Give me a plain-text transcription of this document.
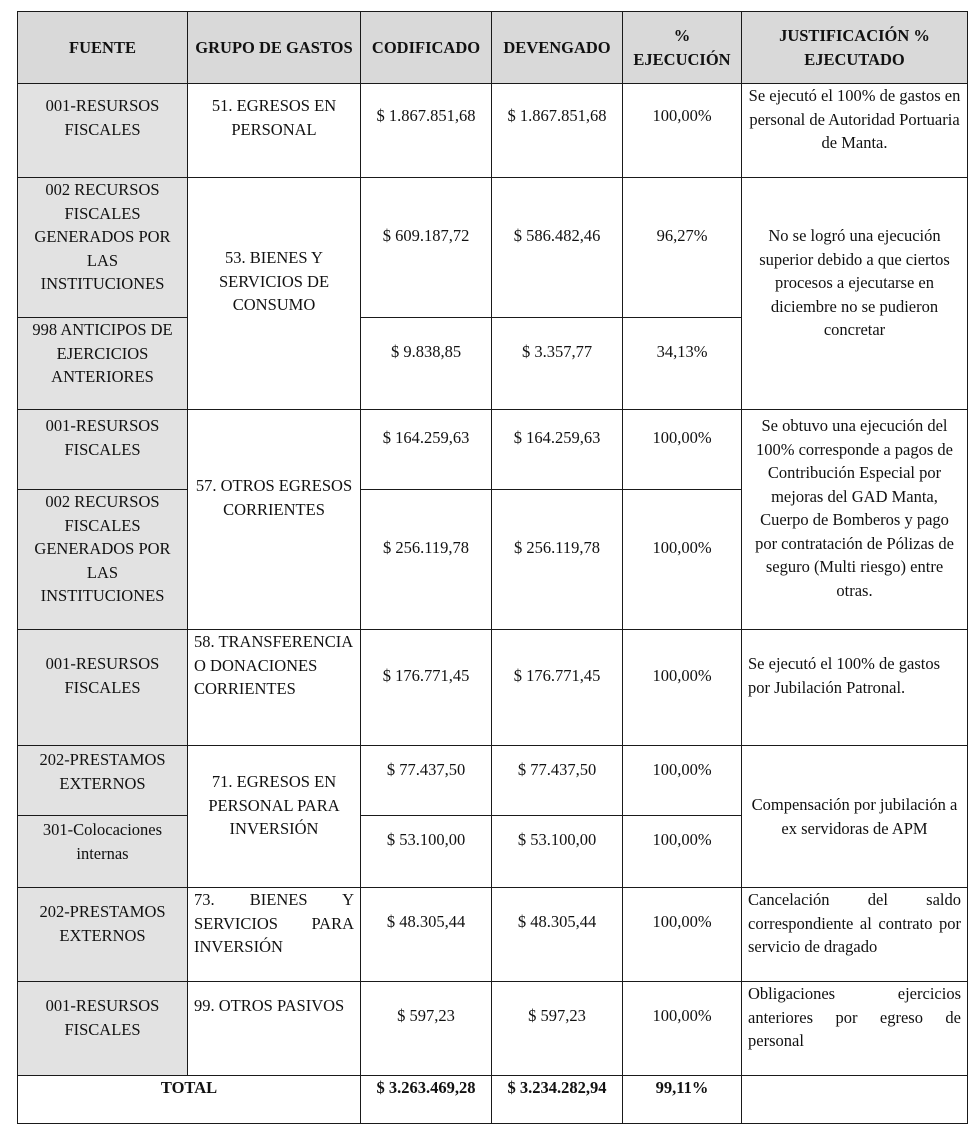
FUENTE	GRUPO DE GASTOS	CODIFICADO	DEVENGADO	% EJECUCIÓN	JUSTIFICACIÓN % EJECUTADO
001-RESURSOS FISCALES	51. EGRESOS EN PERSONAL	$ 1.867.851,68	$ 1.867.851,68	100,00%	Se ejecutó el 100% de gastos en personal de Autoridad Portuaria de Manta.
002 RECURSOS FISCALES GENERADOS POR LAS INSTITUCIONES	53. BIENES Y SERVICIOS DE CONSUMO	$ 609.187,72	$ 586.482,46	96,27%	No se logró una ejecución superior debido a que ciertos procesos a ejecutarse en diciembre no se pudieron concretar
998 ANTICIPOS DE EJERCICIOS ANTERIORES		$ 9.838,85	$ 3.357,77	34,13%	
001-RESURSOS FISCALES	57. OTROS EGRESOS CORRIENTES	$ 164.259,63	$ 164.259,63	100,00%	Se obtuvo una ejecución del 100% corresponde a pagos de Contribución Especial por mejoras del GAD Manta, Cuerpo de Bomberos y pago por contratación de Pólizas de seguro (Multi riesgo) entre otras.
002 RECURSOS FISCALES GENERADOS POR LAS INSTITUCIONES		$ 256.119,78	$ 256.119,78	100,00%	
001-RESURSOS FISCALES	58. TRANSFERENCIA O DONACIONES CORRIENTES	$ 176.771,45	$ 176.771,45	100,00%	Se ejecutó el 100% de gastos por Jubilación Patronal.
202-PRESTAMOS EXTERNOS	71. EGRESOS EN PERSONAL PARA INVERSIÓN	$ 77.437,50	$ 77.437,50	100,00%	Compensación por jubilación a ex servidoras de APM
301-Colocaciones internas		$ 53.100,00	$ 53.100,00	100,00%	
202-PRESTAMOS EXTERNOS	73. BIENES Y SERVICIOS PARA INVERSIÓN	$ 48.305,44	$ 48.305,44	100,00%	Cancelación del saldo correspondiente al contrato por servicio de dragado
001-RESURSOS FISCALES	99. OTROS PASIVOS	$ 597,23	$ 597,23	100,00%	Obligaciones ejercicios anteriores por egreso de personal
TOTAL		$ 3.263.469,28	$ 3.234.282,94	99,11%	
